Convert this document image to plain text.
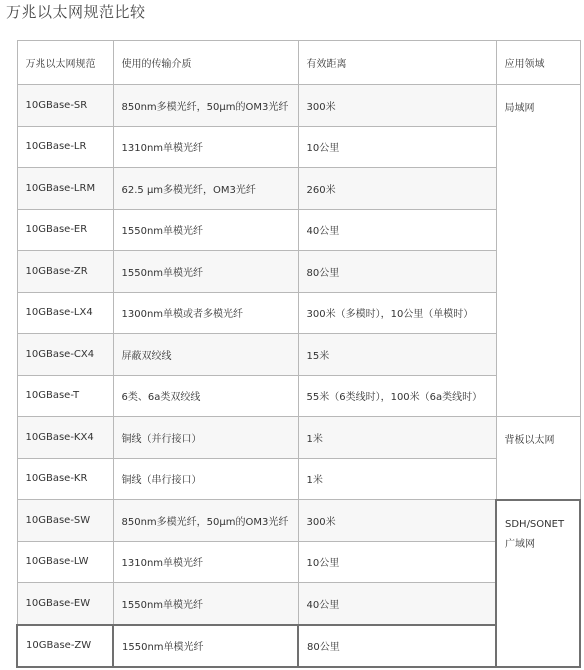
万兆以太网规范比较
万兆以太网规范	使用的传输介质	有效距离	应用领域
10GBase-SR	850nm多模光纤，50μm的OM3光纤	300米	局域网
10GBase-LR	1310nm单模光纤	10公里	
10GBase-LRM	62.5 μm多模光纤，OM3光纤	260米	
10GBase-ER	1550nm单模光纤	40公里	
10GBase-ZR	1550nm单模光纤	80公里	
10GBase-LX4	1300nm单模或者多模光纤	300米（多模时），10公里（单模时）	
10GBase-CX4	屏蔽双绞线	15米	
10GBase-T	6类、6a类双绞线	55米（6类线时），100米（6a类线时）	
10GBase-KX4	铜线（并行接口）	1米	背板以太网
10GBase-KR	铜线（串行接口）	1米	
10GBase-SW	850nm多模光纤，50μm的OM3光纤	300米	SDH/SONET
广域网

10GBase-LW	1310nm单模光纤	10公里	
10GBase-EW	1550nm单模光纤	40公里	
10GBase-ZW	1550nm单模光纤	80公里	
